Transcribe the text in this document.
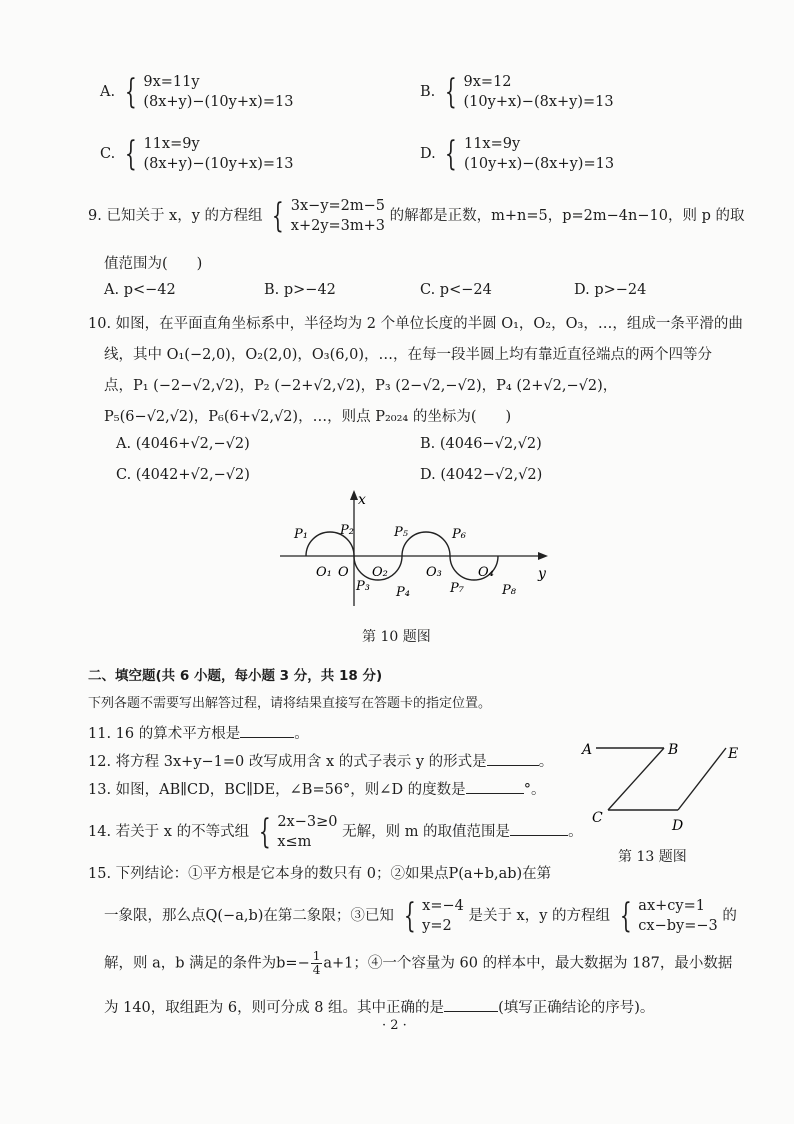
A. { 9x=11y
(8x+y)−(10y+x)=13
B. { 9x=12
(10y+x)−(8x+y)=13
C. { 11x=9y
(8x+y)−(10y+x)=13
D. { 11x=9y
(10y+x)−(8x+y)=13
9. 已知关于 x，y 的方程组 { 3x−y=2m−5
x+2y=3m+3
的解都是正数，m+n=5，p=2m−4n−10，则 p 的取
值范围为(　　)
A. p<−42	B. p>−42	C. p<−24	D. p>−24
10. 如图，在平面直角坐标系中，半径均为 2 个单位长度的半圆 O₁，O₂，O₃，…，组成一条平滑的曲
线，其中 O₁(−2,0)，O₂(2,0)，O₃(6,0)，…，在每一段半圆上均有靠近直径端点的两个四等分
点，P₁ (−2−√2,√2)，P₂ (−2+√2,√2)，P₃ (2−√2,−√2)，P₄ (2+√2,−√2)，
P₅(6−√2,√2)，P₆(6+√2,√2)，…，则点 P₂₀₂₄ 的坐标为(　　)
A. (4046+√2,−√2)	B. (4046−√2,√2)
C. (4042+√2,−√2)	D. (4042−√2,√2)
x
y
P₁ P₂
P₃ P₄
P₅	P₆
P₇	P₈
O₁ O O₂	O₃	O₄
第 10 题图
二、填空题(共 6 小题，每小题 3 分，共 18 分)
下列各题不需要写出解答过程，请将结果直接写在答题卡的指定位置。
11. 16 的算术平方根是	。
12. 将方程 3x+y−1=0 改写成用含 x 的式子表示 y 的形式是	。
13. 如图，AB∥CD，BC∥DE，∠B=56°，则∠D 的度数是	°。
14. 若关于 x 的不等式组 { 2x−3≥0
x≤m
无解，则 m 的取值范围是	。
A	B
C	D
E
第 13 题图
15. 下列结论：①平方根是它本身的数只有 0；②如果点P(a+b,ab)在第
一象限，那么点Q(−a,b)在第二象限；③已知 { x=−4
y=2
是关于 x，y 的方程组 { ax+cy=1
cx−by=−3
的
解，则 a，b 满足的条件为$b=- \frac{1}{4} a+1$；④一个容量为 60 的样本中，最大数据为 187，最小数据
为 140，取组距为 6，则可分成 8 组。其中正确的是	(填写正确结论的序号)。
· 2 ·
